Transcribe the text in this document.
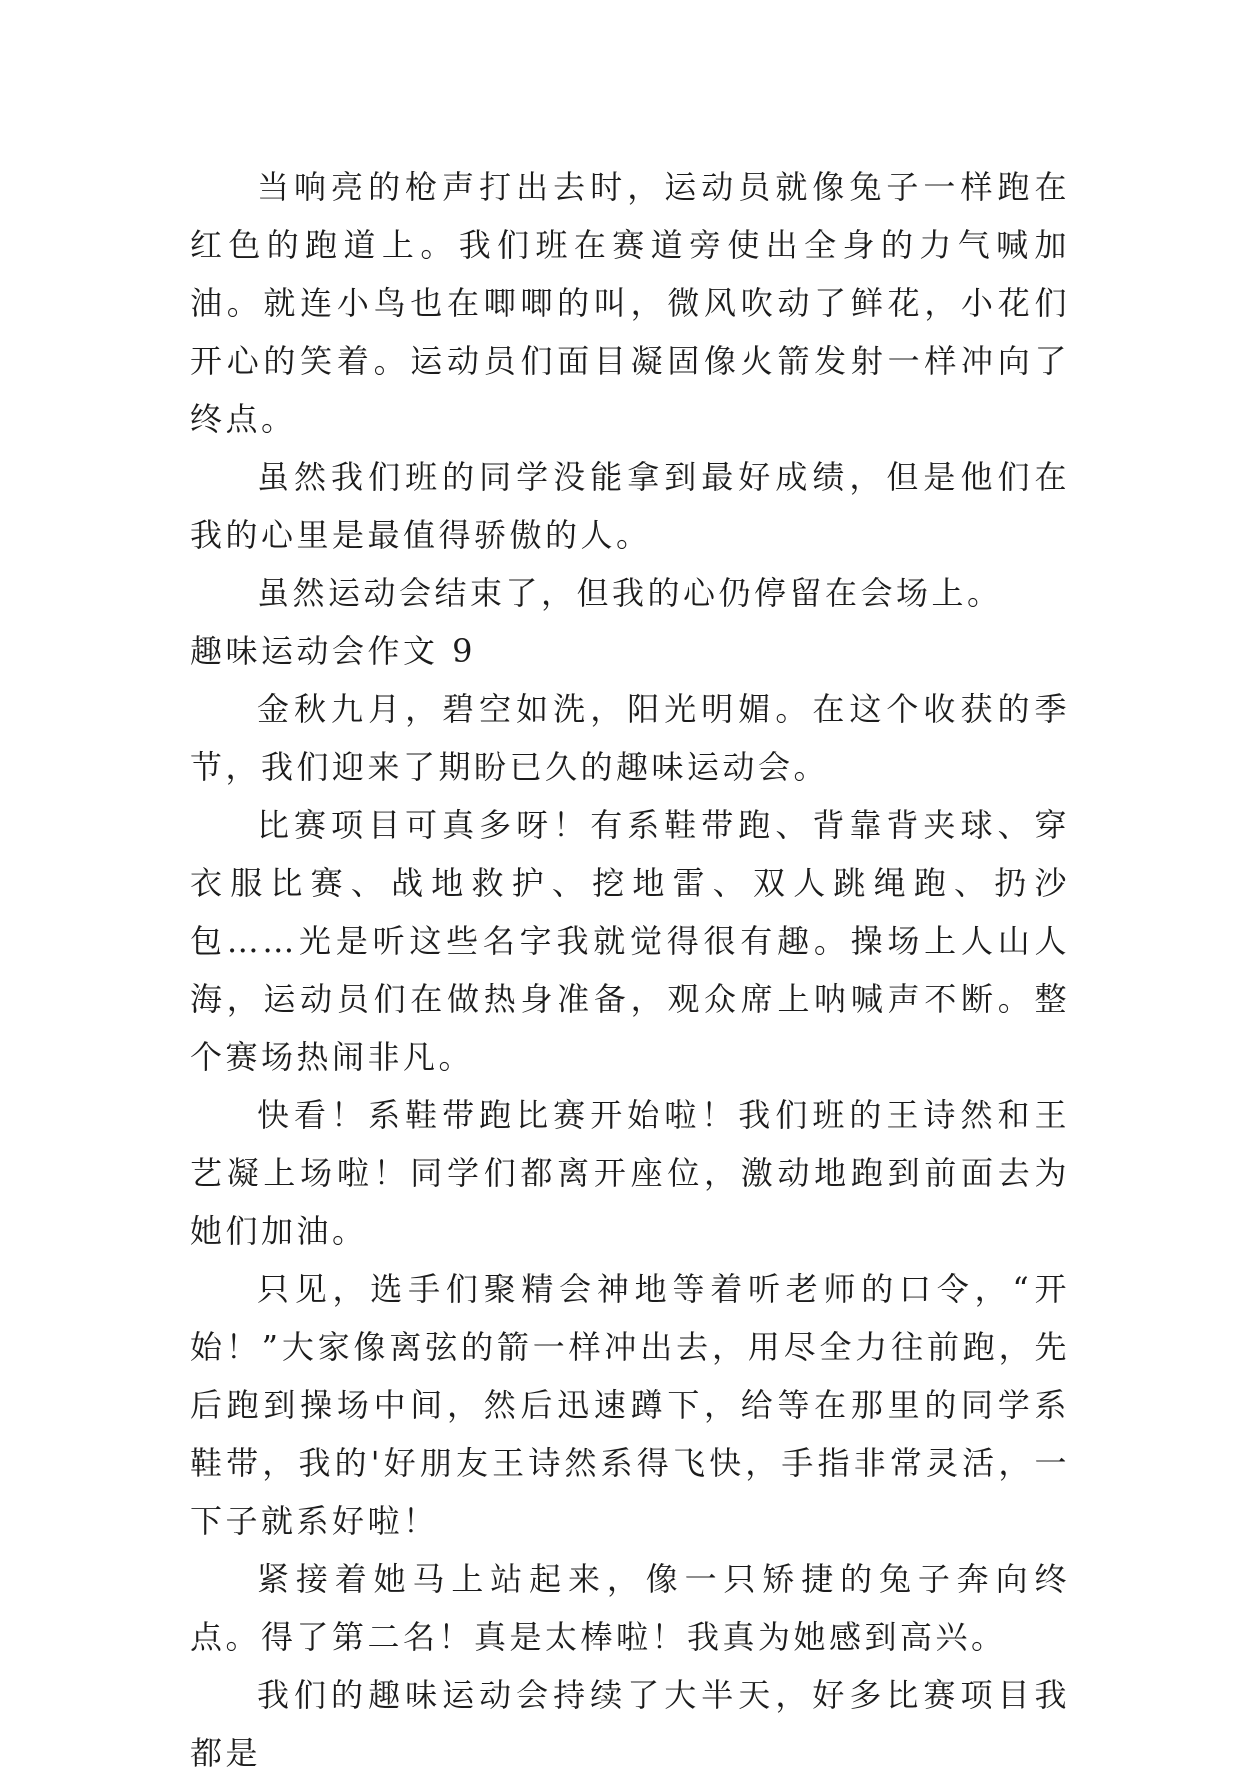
当响亮的枪声打出去时，运动员就像兔子一样跑在红色的跑道上。我们班在赛道旁使出全身的力气喊加油。就连小鸟也在唧唧的叫，微风吹动了鲜花，小花们开心的笑着。运动员们面目凝固像火箭发射一样冲向了终点。

虽然我们班的同学没能拿到最好成绩，但是他们在我的心里是最值得骄傲的人。

虽然运动会结束了，但我的心仍停留在会场上。

趣味运动会作文 9

金秋九月，碧空如洗，阳光明媚。在这个收获的季节，我们迎来了期盼已久的趣味运动会。

比赛项目可真多呀！有系鞋带跑、背靠背夹球、穿衣服比赛、战地救护、挖地雷、双人跳绳跑、扔沙包……光是听这些名字我就觉得很有趣。操场上人山人海，运动员们在做热身准备，观众席上呐喊声不断。整个赛场热闹非凡。

快看！系鞋带跑比赛开始啦！我们班的王诗然和王艺凝上场啦！同学们都离开座位，激动地跑到前面去为她们加油。

只见，选手们聚精会神地等着听老师的口令，“开始！”大家像离弦的箭一样冲出去，用尽全力往前跑，先后跑到操场中间，然后迅速蹲下，给等在那里的同学系鞋带，我的'好朋友王诗然系得飞快，手指非常灵活，一下子就系好啦！

紧接着她马上站起来，像一只矫捷的兔子奔向终点。得了第二名！真是太棒啦！我真为她感到高兴。

我们的趣味运动会持续了大半天，好多比赛项目我都是
